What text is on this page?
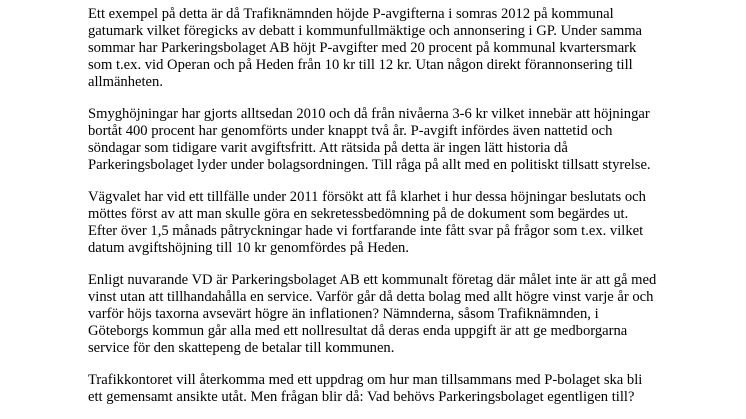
Ett exempel på detta är då Trafiknämnden höjde P-avgifterna i somras 2012 på kommunal
gatumark vilket föregicks av debatt i kommunfullmäktige och annonsering i GP. Under samma
sommar har Parkeringsbolaget AB höjt P-avgifter med 20 procent på kommunal kvartersmark
som t.ex. vid Operan och på Heden från 10 kr till 12 kr. Utan någon direkt förannonsering till
allmänheten.
Smyghöjningar har gjorts alltsedan 2010 och då från nivåerna 3-6 kr vilket innebär att höjningar
bortåt 400 procent har genomförts under knappt två år. P-avgift infördes även nattetid och
söndagar som tidigare varit avgiftsfritt. Att rätsida på detta är ingen lätt historia då
Parkeringsbolaget lyder under bolagsordningen. Till råga på allt med en politiskt tillsatt styrelse.
Vägvalet har vid ett tillfälle under 2011 försökt att få klarhet i hur dessa höjningar beslutats och
möttes först av att man skulle göra en sekretessbedömning på de dokument som begärdes ut.
Efter över 1,5 månads påtryckningar hade vi fortfarande inte fått svar på frågor som t.ex. vilket
datum avgiftshöjning till 10 kr genomfördes på Heden.
Enligt nuvarande VD är Parkeringsbolaget AB ett kommunalt företag där målet inte är att gå med
vinst utan att tillhandahålla en service. Varför går då detta bolag med allt högre vinst varje år och
varför höjs taxorna avsevärt högre än inflationen? Nämnderna, såsom Trafiknämnden, i
Göteborgs kommun går alla med ett nollresultat då deras enda uppgift är att ge medborgarna
service för den skattepeng de betalar till kommunen.
Trafikkontoret vill återkomma med ett uppdrag om hur man tillsammans med P-bolaget ska bli
ett gemensamt ansikte utåt. Men frågan blir då: Vad behövs Parkeringsbolaget egentligen till?
